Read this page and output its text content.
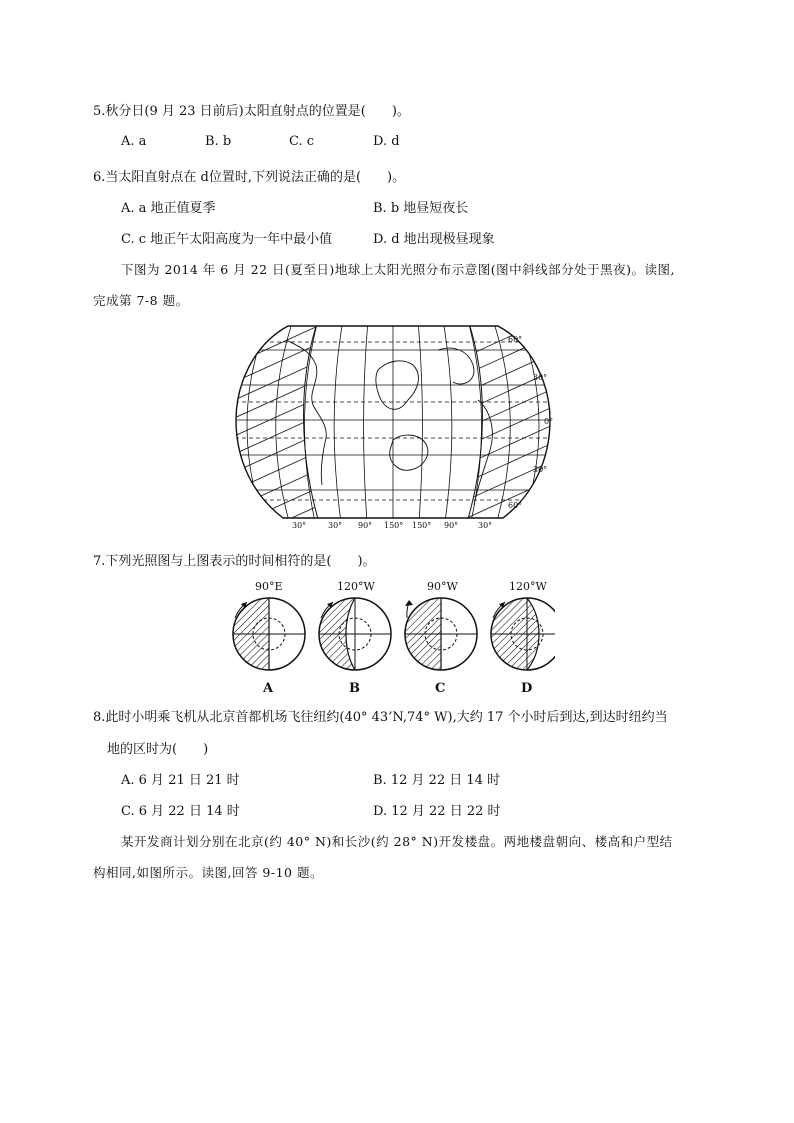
5.秋分日(9 月 23 日前后)太阳直射点的位置是(　　)。
A. a	B. b	C. c	D. d
6.当太阳直射点在 d位置时,下列说法正确的是(　　)。
A. a 地正值夏季	B. b 地昼短夜长
C. c 地正午太阳高度为一年中最小值	D. d 地出现极昼现象
下图为 2014 年 6 月 22 日(夏至日)地球上太阳光照分布示意图(图中斜线部分处于黑夜)。读图,
完成第 7-8 题。
60°
30°
0°
30°
60°
30°	30° 90° 150° 150° 90° 30°
7.下列光照图与上图表示的时间相符的是(　　)。
90°E
A
120°W
B
90°W
C
120°W
D
8.此时小明乘飞机从北京首都机场飞往纽约(40° 43’N,74° W),大约 17 个小时后到达,到达时纽约当
地的区时为(　　)
A. 6 月 21 日 21 时	B. 12 月 22 日 14 时
C. 6 月 22 日 14 时	D. 12 月 22 日 22 时
某开发商计划分别在北京(约 40° N)和长沙(约 28° N)开发楼盘。两地楼盘朝向、楼高和户型结
构相同,如图所示。读图,回答 9-10 题。
